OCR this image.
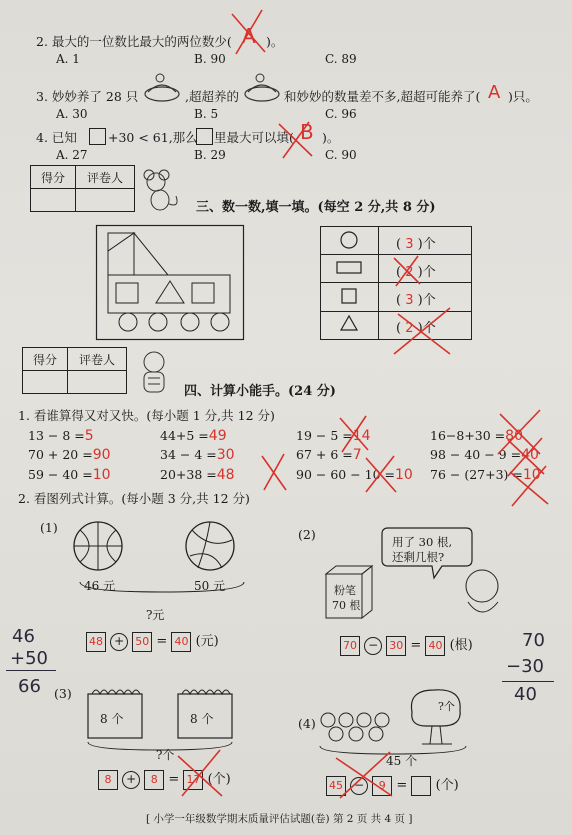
2. 最大的一位数比最大的两位数少( A )。
A. 1	B. 90	C. 89
3. 妙妙养了 28 只	,超超养的	和妙妙的数量差不多,超超可能养了( A )只。
A. 30	B. 5	C. 96
4. 已知 +30 < 61,那么 里最大可以填( B )。
A. 27	B. 29	C. 90
得分	评卷人

三、数一数,填一填。(每空 2 分,共 8 分)
( 3 )个
( 2 )个
( 3 )个
( 2 )个
得分	评卷人

四、计算小能手。(24 分)
1. 看谁算得又对又快。(每小题 1 分,共 12 分)
13 − 8 =5	44+5 =49	19 − 5 =14	16−8+30 =80
70 + 20 =90	34 − 4 =30	67 + 6 =7	98 − 40 − 9 =40
59 − 40 =10	20+38 =48	90 − 60 − 10 =10 76 − (27+3) =10
2. 看图列式计算。(每小题 3 分,共 12 分)
(1)
46 元	50 元
?元
48 + 50 = 40 (元)
46
+50
66
(2)	用了 30 根,
还剩几根?
粉笔
70 根
70 − 30 = 40 (根)	70
−30
40
(3)
8 个	8 个
?个
8 + 8 = 17 (个)
(4)
?个
45 个
45 − 9 =  (个)
[ 小学一年级数学期末质量评估试题(卷) 第 2 页 共 4 页 ]
